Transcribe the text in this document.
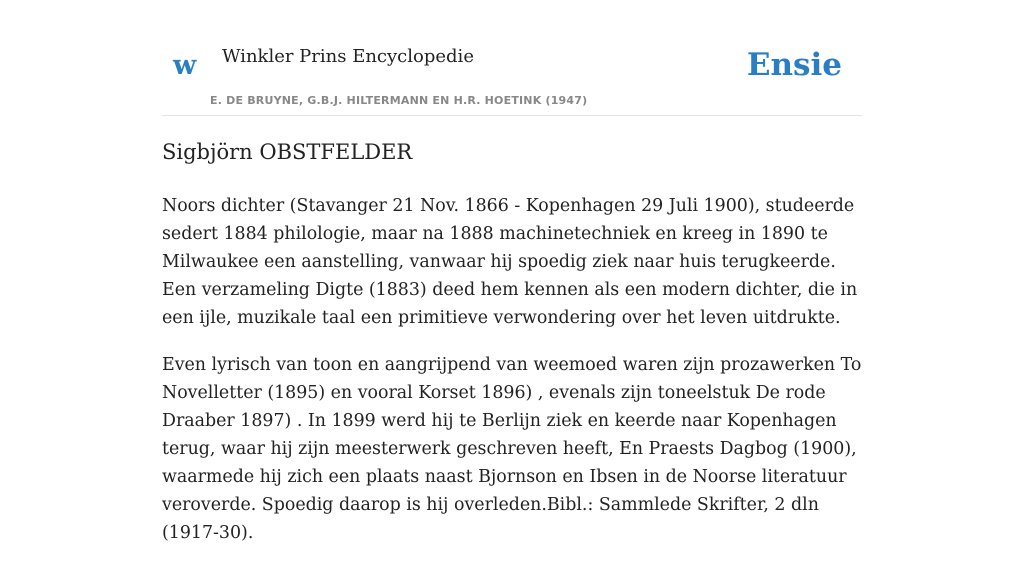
w Winkler Prins Encyclopedie
E. DE BRUYNE, G.B.J. HILTERMANN EN H.R. HOETINK (1947)
Ensie
Sigbjörn OBSTFELDER

Noors dichter (Stavanger 21 Nov. 1866 - Kopenhagen 29 Juli 1900), studeerde sedert 1884 philologie, maar na 1888 machinetechniek en kreeg in 1890 te Milwaukee een aanstelling, vanwaar hij spoedig ziek naar huis terugkeerde. Een verzameling Digte (1883) deed hem kennen als een modern dichter, die in een ijle, muzikale taal een primitieve verwondering over het leven uitdrukte.

Even lyrisch van toon en aangrijpend van weemoed waren zijn prozawerken To Novelletter (1895) en vooral Korset 1896) , evenals zijn toneelstuk De rode Draaber 1897) . In 1899 werd hij te Berlijn ziek en keerde naar Kopenhagen terug, waar hij zijn meesterwerk geschreven heeft, En Praests Dagbog (1900), waarmede hij zich een plaats naast Bjornson en Ibsen in de Noorse literatuur veroverde. Spoedig daarop is hij overleden.Bibl.: Sammlede Skrifter, 2 dln (1917-30).
